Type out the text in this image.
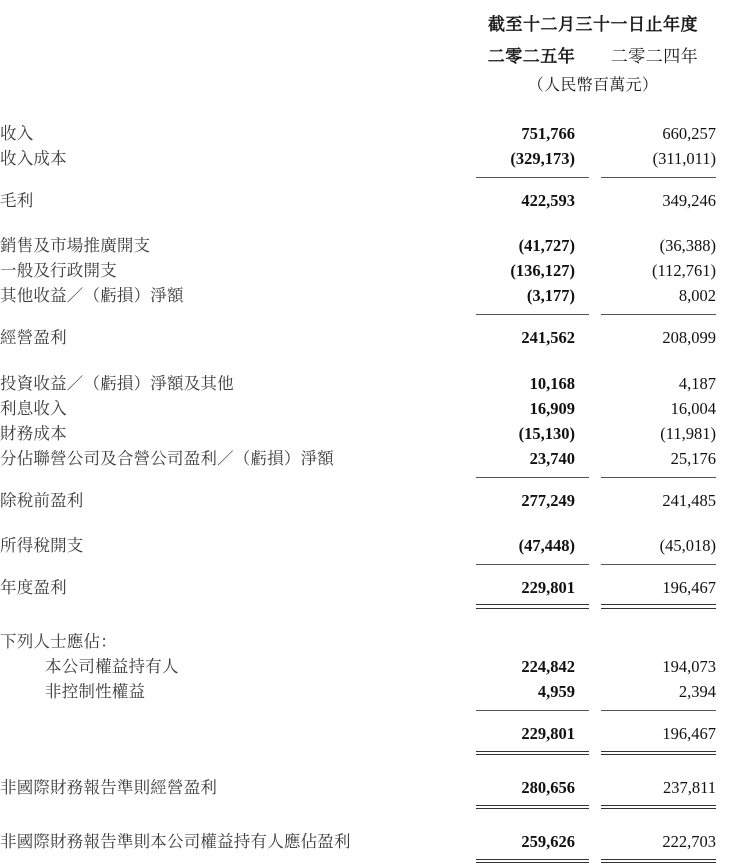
	截至十二月三十一日止年度	
	二零二五年	二零二四年
	（人民幣百萬元）	

收入	751,766	660,257
收入成本	(329,173)	(311,011)

毛利	422,593	349,246

銷售及市場推廣開支	(41,727)	(36,388)
一般及行政開支	(136,127)	(112,761)
其他收益／（虧損）淨額	(3,177)	8,002

經營盈利	241,562	208,099

投資收益／（虧損）淨額及其他	10,168	4,187
利息收入	16,909	16,004
財務成本	(15,130)	(11,981)
分佔聯營公司及合營公司盈利／（虧損）淨額	23,740	25,176

除稅前盈利	277,249	241,485

所得稅開支	(47,448)	(45,018)

年度盈利	229,801	196,467

下列人士應佔：		
本公司權益持有人	224,842	194,073
非控制性權益	4,959	2,394

	229,801	196,467

非國際財務報告準則經營盈利	280,656	237,811

非國際財務報告準則本公司權益持有人應佔盈利	259,626	222,703
